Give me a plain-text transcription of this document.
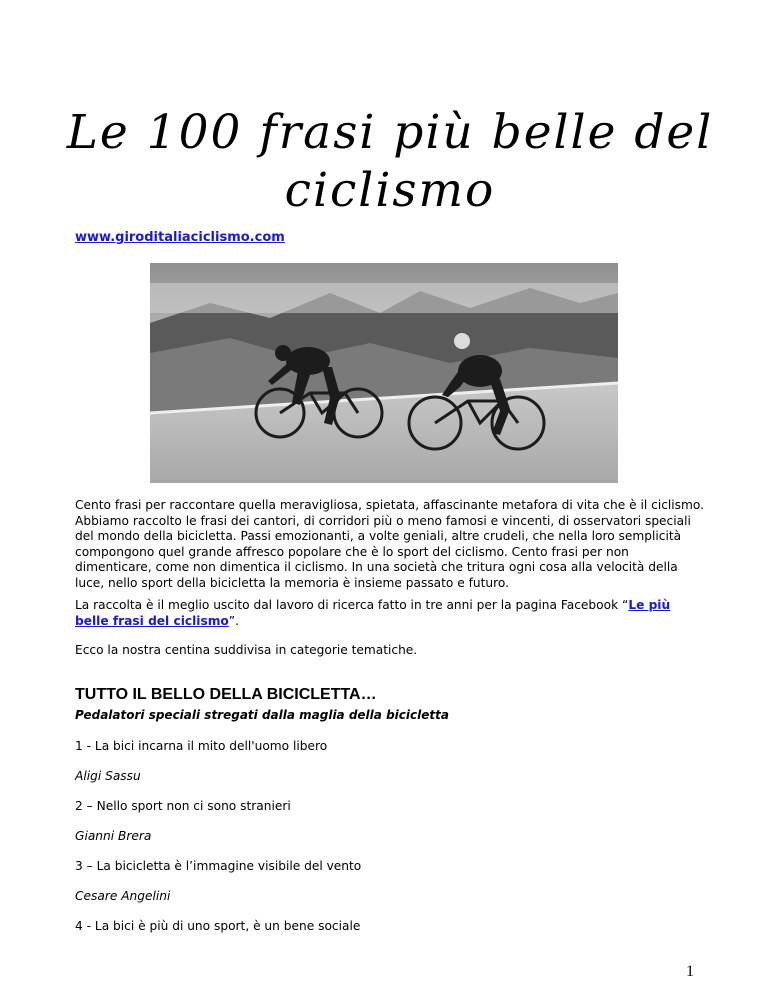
Le 100 frasi più belle del ciclismo
www.giroditaliaciclismo.com

Cento frasi per raccontare quella meravigliosa, spietata, affascinante metafora di vita che è il ciclismo. Abbiamo raccolto le frasi dei cantori, di corridori più o meno famosi e vincenti, di osservatori speciali del mondo della bicicletta. Passi emozionanti, a volte geniali, altre crudeli, che nella loro semplicità compongono quel grande affresco popolare che è lo sport del ciclismo. Cento frasi per non dimenticare, come non dimentica il ciclismo. In una società che tritura ogni cosa alla velocità della luce, nello sport della bicicletta la memoria è insieme passato e futuro.

La raccolta è il meglio uscito dal lavoro di ricerca fatto in tre anni per la pagina Facebook “Le più belle frasi del ciclismo”.

Ecco la nostra centina suddivisa in categorie tematiche.

TUTTO IL BELLO DELLA BICICLETTA…

Pedalatori speciali stregati dalla maglia della bicicletta

1 - La bici incarna il mito dell'uomo libero

Aligi Sassu

2 – Nello sport non ci sono stranieri

Gianni Brera

3 – La bicicletta è l’immagine visibile del vento

Cesare Angelini

4 - La bici è più di uno sport, è un bene sociale

1
